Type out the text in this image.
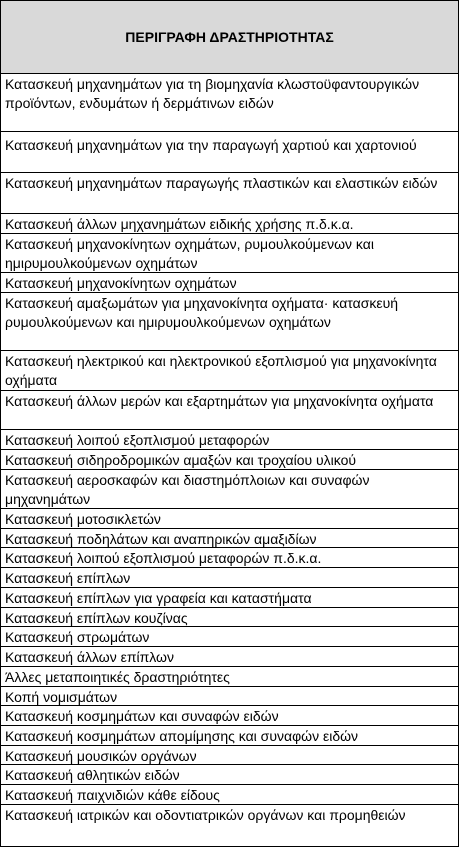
ΠΕΡΙΓΡΑΦΗ ΔΡΑΣΤΗΡΙΟΤΗΤΑΣ
Κατασκευή μηχανημάτων για τη βιομηχανία κλωστοϋφαντουργικών προϊόντων, ενδυμάτων ή δερμάτινων ειδών
Κατασκευή μηχανημάτων για την παραγωγή χαρτιού και χαρτονιού
Κατασκευή μηχανημάτων παραγωγής πλαστικών και ελαστικών ειδών
Κατασκευή άλλων μηχανημάτων ειδικής χρήσης π.δ.κ.α.
Κατασκευή μηχανοκίνητων οχημάτων, ρυμουλκούμενων και ημιρυμουλκούμενων οχημάτων
Κατασκευή μηχανοκίνητων οχημάτων
Κατασκευή αμαξωμάτων για μηχανοκίνητα οχήματα· κατασκευή ρυμουλκούμενων και ημιρυμουλκούμενων οχημάτων
Κατασκευή ηλεκτρικού και ηλεκτρονικού εξοπλισμού για μηχανοκίνητα οχήματα
Κατασκευή άλλων μερών και εξαρτημάτων για μηχανοκίνητα οχήματα
Κατασκευή λοιπού εξοπλισμού μεταφορών
Κατασκευή σιδηροδρομικών αμαξών και τροχαίου υλικού
Κατασκευή αεροσκαφών και διαστημόπλοιων και συναφών μηχανημάτων
Κατασκευή μοτοσικλετών
Κατασκευή ποδηλάτων και αναπηρικών αμαξιδίων
Κατασκευή λοιπού εξοπλισμού μεταφορών π.δ.κ.α.
Κατασκευή επίπλων
Κατασκευή επίπλων για γραφεία και καταστήματα
Κατασκευή επίπλων κουζίνας
Κατασκευή στρωμάτων
Κατασκευή άλλων επίπλων
Άλλες μεταποιητικές δραστηριότητες
Κοπή νομισμάτων
Κατασκευή κοσμημάτων και συναφών ειδών
Κατασκευή κοσμημάτων απομίμησης και συναφών ειδών
Κατασκευή μουσικών οργάνων
Κατασκευή αθλητικών ειδών
Κατασκευή παιχνιδιών κάθε είδους
Κατασκευή ιατρικών και οδοντιατρικών οργάνων και προμηθειών
